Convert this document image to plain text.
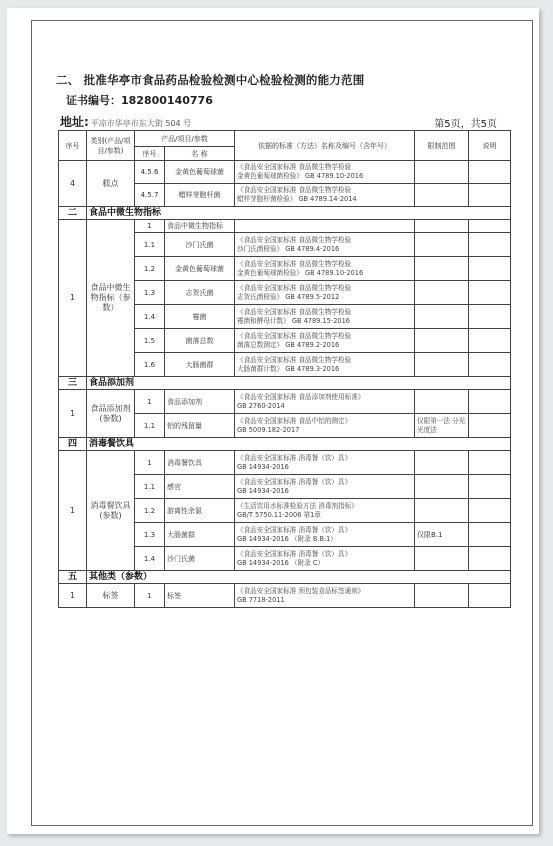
二、 批准华亭市食品药品检验检测中心检验检测的能力范围
证书编号：182800140776
地址: 平凉市华亭市东大街 504 号	第5页，共5页
序号	类别(产品/项目/参数)	产品/项目/参数		依据的标准（方法）名称及编号（含年号）	限制范围	说明
		序号	名 称			
4	糕点	4.5.6	金黄色葡萄球菌	《食品安全国家标准 食品微生物学检验
金黄色葡萄球菌检验》 GB 4789.10-2016		
		4.5.7	蜡样芽胞杆菌	《食品安全国家标准 食品微生物学检验
蜡样芽胞杆菌检验》 GB 4789.14-2014		
二	食品中微生物指标					
1	食品中微生物指标（参数）	1	食品中微生物指标			
		1.1	沙门氏菌	《食品安全国家标准 食品微生物学检验
沙门氏菌检验》 GB 4789.4-2016		
		1.2	金黄色葡萄球菌	《食品安全国家标准 食品微生物学检验
金黄色葡萄球菌检验》 GB 4789.10-2016		
		1.3	志贺氏菌	《食品安全国家标准 食品微生物学检验
志贺氏菌检验》 GB 4789.5-2012		
		1.4	霉菌	《食品安全国家标准 食品微生物学检验
霉菌和酵母计数》 GB 4789.15-2016		
		1.5	菌落总数	《食品安全国家标准 食品微生物学检验
菌落总数测定》 GB 4789.2-2016		
		1.6	大肠菌群	《食品安全国家标准 食品微生物学检验
大肠菌群计数》 GB 4789.3-2016		
三	食品添加剂					
1	食品添加剂(参数)	1	食品添加剂	《食品安全国家标准 食品添加剂使用标准》
GB 2760-2014		
		1.1	铝的残留量	《食品安全国家标准 食品中铝的测定》
GB 5009.182-2017	仅限第一法 分光光度法	
四	消毒餐饮具					
1	消毒餐饮具(参数)	1	消毒餐饮具	《食品安全国家标准 消毒餐（饮）具》
GB 14934-2016		
		1.1	感官	《食品安全国家标准 消毒餐（饮）具》
GB 14934-2016		
		1.2	游离性余氯	《生活饮用水标准检验方法 消毒剂指标》
GB/T 5750.11-2006 第1章		
		1.3	大肠菌群	《食品安全国家标准 消毒餐（饮）具》
GB 14934-2016 （附录 B.B.1）	仅限B.1	
		1.4	沙门氏菌	《食品安全国家标准 消毒餐（饮）具》
GB 14934-2016 （附录 C）		
五	其他类（参数）					
1	标签	1	标签	《食品安全国家标准 预包装食品标签通则》
GB 7718-2011		
